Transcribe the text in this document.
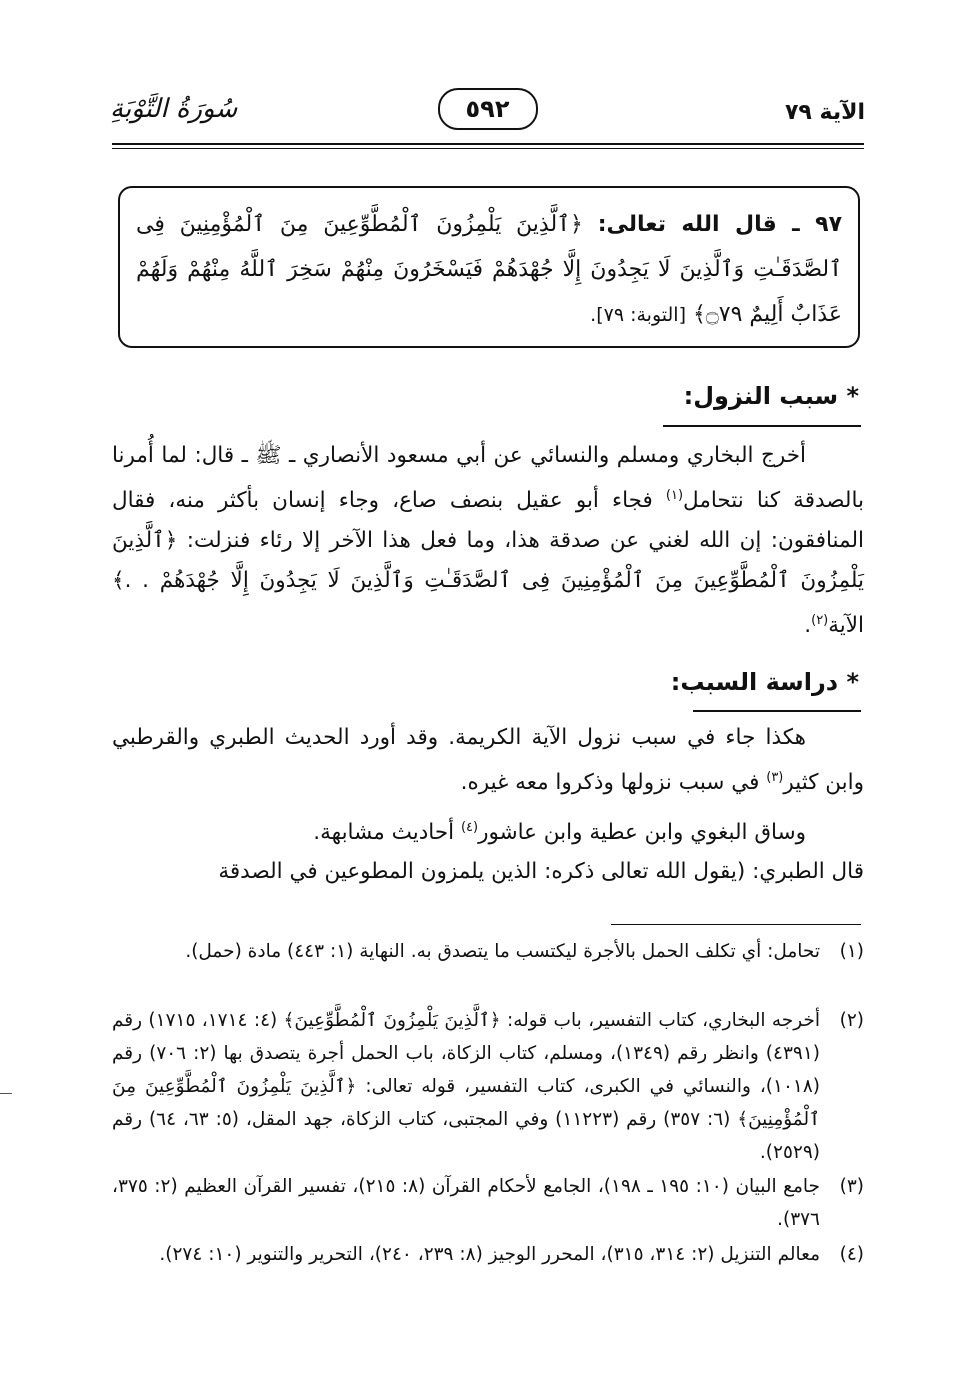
الآية ٧٩
٥٩٢
سُورَةُ التَّوْبَةِ
٩٧ ـ قال الله تعالى: ﴿ٱلَّذِينَ يَلْمِزُونَ ٱلْمُطَّوِّعِينَ مِنَ ٱلْمُؤْمِنِينَ فِى ٱلصَّدَقَـٰتِ وَٱلَّذِينَ لَا يَجِدُونَ إِلَّا جُهْدَهُمْ فَيَسْخَرُونَ مِنْهُمْ سَخِرَ ٱللَّهُ مِنْهُمْ وَلَهُمْ عَذَابٌ أَلِيمٌ ۝٧٩﴾ [التوبة: ٧٩].
* سبب النزول:
أخرج البخاري ومسلم والنسائي عن أبي مسعود الأنصاري ـ ﷺ ـ قال: لما أُمرنا بالصدقة كنا نتحامل$^{(١)}$ فجاء أبو عقيل بنصف صاع، وجاء إنسان بأكثر منه، فقال المنافقون: إن الله لغني عن صدقة هذا، وما فعل هذا الآخر إلا رئاء فنزلت: ﴿ٱلَّذِينَ يَلْمِزُونَ ٱلْمُطَّوِّعِينَ مِنَ ٱلْمُؤْمِنِينَ فِى ٱلصَّدَقَـٰتِ وَٱلَّذِينَ لَا يَجِدُونَ إِلَّا جُهْدَهُمْ . .﴾ الآية$^{(٢)}$.
* دراسة السبب:
هكذا جاء في سبب نزول الآية الكريمة. وقد أورد الحديث الطبري والقرطبي وابن كثير$^{(٣)}$ في سبب نزولها وذكروا معه غيره.
وساق البغوي وابن عطية وابن عاشور$^{(٤)}$ أحاديث مشابهة.
قال الطبري: (يقول الله تعالى ذكره: الذين يلمزون المطوعين في الصدقة
(١)
تحامل: أي تكلف الحمل بالأجرة ليكتسب ما يتصدق به. النهاية (١: ٤٤٣) مادة (حمل).
(٢)
أخرجه البخاري، كتاب التفسير، باب قوله: ﴿ٱلَّذِينَ يَلْمِزُونَ ٱلْمُطَّوِّعِينَ﴾ (٤: ١٧١٤، ١٧١٥) رقم (٤٣٩١) وانظر رقم (١٣٤٩)، ومسلم، كتاب الزكاة، باب الحمل أجرة يتصدق بها (٢: ٧٠٦) رقم (١٠١٨)، والنسائي في الكبرى، كتاب التفسير، قوله تعالى: ﴿ٱلَّذِينَ يَلْمِزُونَ ٱلْمُطَّوِّعِينَ مِنَ ٱلْمُؤْمِنِينَ﴾ (٦: ٣٥٧) رقم (١١٢٢٣) وفي المجتبى، كتاب الزكاة، جهد المقل، (٥: ٦٣، ٦٤) رقم (٢٥٢٩).
(٣)
جامع البيان (١٠: ١٩٥ ـ ١٩٨)، الجامع لأحكام القرآن (٨: ٢١٥)، تفسير القرآن العظيم (٢: ٣٧٥، ٣٧٦).
(٤)
معالم التنزيل (٢: ٣١٤، ٣١٥)، المحرر الوجيز (٨: ٢٣٩، ٢٤٠)، التحرير والتنوير (١٠: ٢٧٤).
